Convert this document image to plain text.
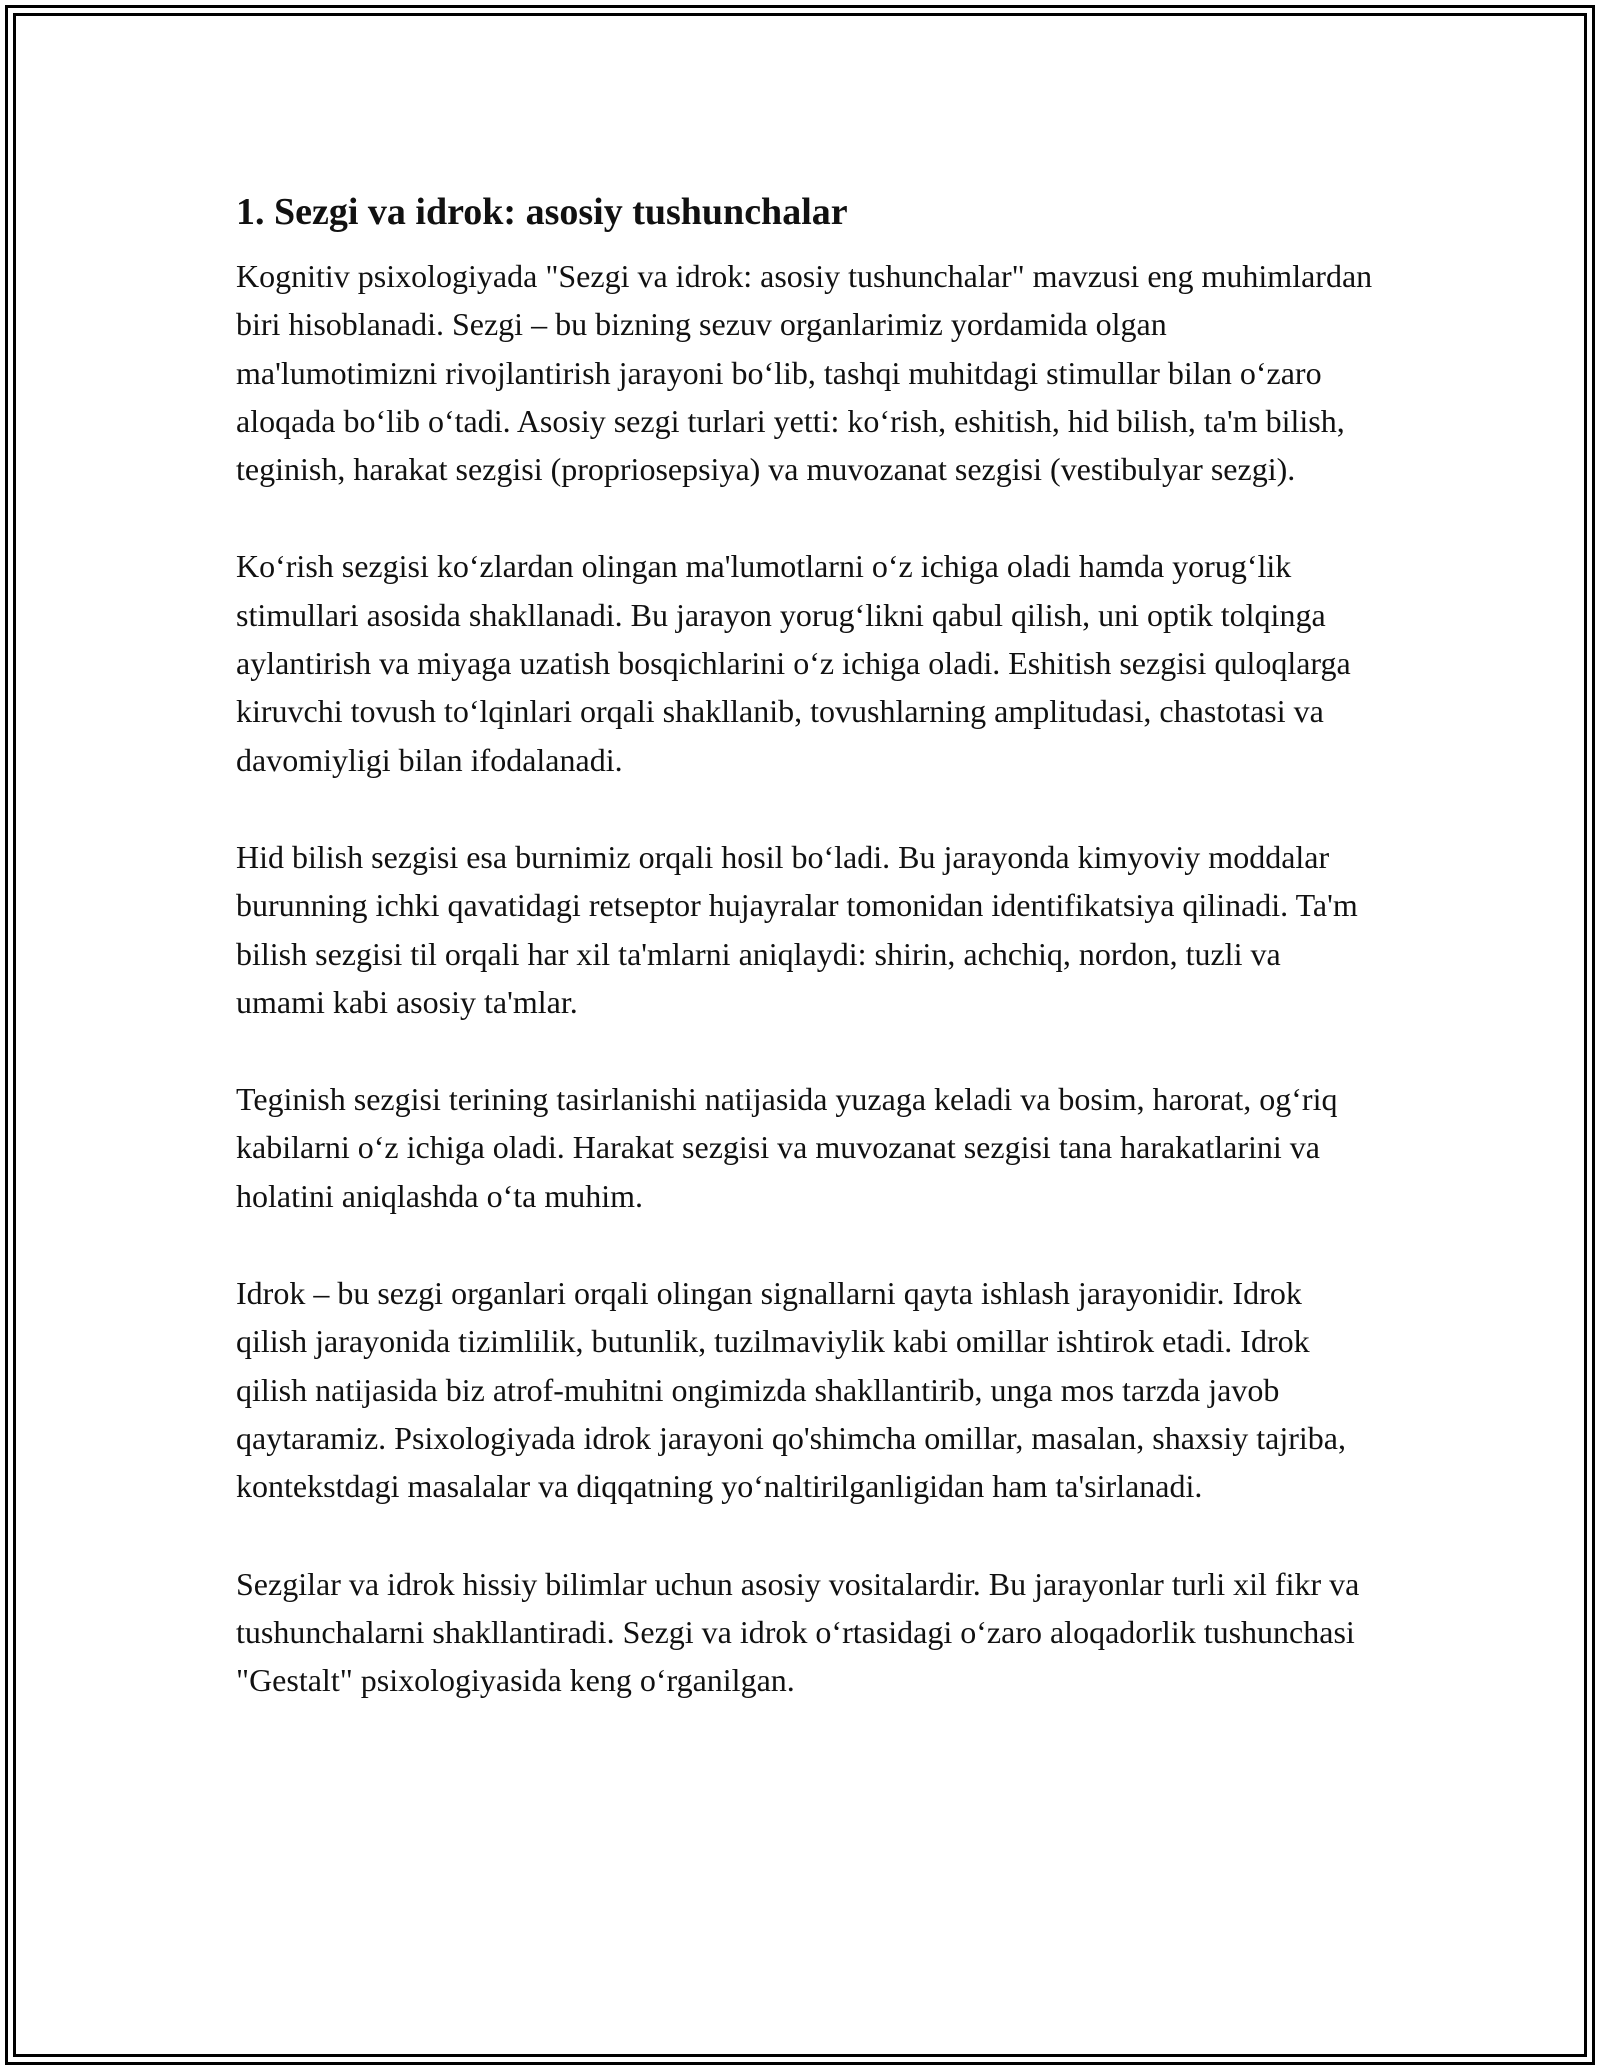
1. Sezgi va idrok: asosiy tushunchalar

Kognitiv psixologiyada "Sezgi va idrok: asosiy tushunchalar" mavzusi eng muhimlardan biri hisoblanadi. Sezgi – bu bizning sezuv organlarimiz yordamida olgan ma'lumotimizni rivojlantirish jarayoni bo‘lib, tashqi muhitdagi stimullar bilan o‘zaro aloqada bo‘lib o‘tadi. Asosiy sezgi turlari yetti: ko‘rish, eshitish, hid bilish, ta'm bilish, teginish, harakat sezgisi (propriosepsiya) va muvozanat sezgisi (vestibulyar sezgi).

Ko‘rish sezgisi ko‘zlardan olingan ma'lumotlarni o‘z ichiga oladi hamda yorug‘lik stimullari asosida shakllanadi. Bu jarayon yorug‘likni qabul qilish, uni optik tolqinga aylantirish va miyaga uzatish bosqichlarini o‘z ichiga oladi. Eshitish sezgisi quloqlarga kiruvchi tovush to‘lqinlari orqali shakllanib, tovushlarning amplitudasi, chastotasi va davomiyligi bilan ifodalanadi.

Hid bilish sezgisi esa burnimiz orqali hosil bo‘ladi. Bu jarayonda kimyoviy moddalar burunning ichki qavatidagi retseptor hujayralar tomonidan identifikatsiya qilinadi. Ta'm bilish sezgisi til orqali har xil ta'mlarni aniqlaydi: shirin, achchiq, nordon, tuzli va umami kabi asosiy ta'mlar.

Teginish sezgisi terining tasirlanishi natijasida yuzaga keladi va bosim, harorat, og‘riq kabilarni o‘z ichiga oladi. Harakat sezgisi va muvozanat sezgisi tana harakatlarini va holatini aniqlashda o‘ta muhim.

Idrok – bu sezgi organlari orqali olingan signallarni qayta ishlash jarayonidir. Idrok qilish jarayonida tizimlilik, butunlik, tuzilmaviylik kabi omillar ishtirok etadi. Idrok qilish natijasida biz atrof-muhitni ongimizda shakllantirib, unga mos tarzda javob qaytaramiz. Psixologiyada idrok jarayoni qo'shimcha omillar, masalan, shaxsiy tajriba, kontekstdagi masalalar va diqqatning yo‘naltirilganligidan ham ta'sirlanadi.

Sezgilar va idrok hissiy bilimlar uchun asosiy vositalardir. Bu jarayonlar turli xil fikr va tushunchalarni shakllantiradi. Sezgi va idrok o‘rtasidagi o‘zaro aloqadorlik tushunchasi "Gestalt" psixologiyasida keng o‘rganilgan.
